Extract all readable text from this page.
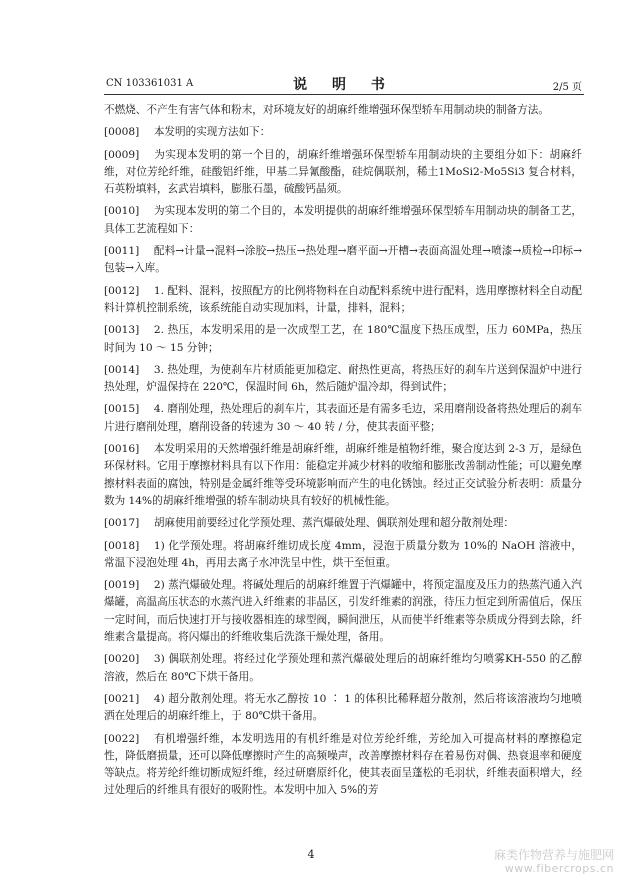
CN 103361031 A	说 明 书	2/5 页

不燃烧、不产生有害气体和粉末，对环境友好的胡麻纤维增强环保型轿车用制动块的制备方法。

[0008]  本发明的实现方法如下：

[0009]  为实现本发明的第一个目的，胡麻纤维增强环保型轿车用制动块的主要组分如下：胡麻纤维，对位芳纶纤维，硅酸铝纤维，甲基二异氰酸酯，硅烷偶联剂，稀土1MoSi2-Mo5Si3 复合材料，石英粉填料，玄武岩填料，膨胀石墨，硫酸钙晶须。

[0010]  为实现本发明的第二个目的，本发明提供的胡麻纤维增强环保型轿车用制动块的制备工艺，具体工艺流程如下：

[0011]  配料→计量→混料→涂胶→热压→热处理→磨平面→开槽→表面高温处理→喷漆→质检→印标→包装→入库。

[0012]  1. 配料、混料，按照配方的比例将物料在自动配料系统中进行配料，选用摩擦材料全自动配料计算机控制系统，该系统能自动实现加料，计量，排料，混料；

[0013]  2. 热压，本发明采用的是一次成型工艺，在 180℃温度下热压成型，压力 60MPa，热压时间为 10 ～ 15 分钟；

[0014]  3. 热处理，为使刹车片材质能更加稳定、耐热性更高，将热压好的刹车片送到保温炉中进行热处理，炉温保持在 220℃，保温时间 6h，然后随炉温冷却，得到试件；

[0015]  4. 磨削处理，热处理后的刹车片，其表面还是有需多毛边，采用磨削设备将热处理后的刹车片进行磨削处理，磨削设备的转速为 30 ～ 40 转 / 分，使其表面平整；

[0016]  本发明采用的天然增强纤维是胡麻纤维，胡麻纤维是植物纤维，聚合度达到 2-3 万，是绿色环保材料。它用于摩擦材料具有以下作用：能稳定并减少材料的收缩和膨胀改善制动性能；可以避免摩擦材料表面的腐蚀，特别是金属纤维等受环境影响而产生的电化锈蚀。经过正交试验分析表明：质量分数为 14%的胡麻纤维增强的轿车制动块具有较好的机械性能。

[0017]  胡麻使用前要经过化学预处理、蒸汽爆破处理、偶联剂处理和超分散剂处理：

[0018]  1) 化学预处理。将胡麻纤维切成长度 4mm，浸泡于质量分数为 10%的 NaOH 溶液中，常温下浸泡处理 4h，再用去离子水冲洗呈中性，烘干至恒重。

[0019]  2) 蒸汽爆破处理。将碱处理后的胡麻纤维置于汽爆罐中，将预定温度及压力的热蒸汽通入汽爆罐，高温高压状态的水蒸汽进入纤维素的非晶区，引发纤维素的润涨，待压力恒定到所需值后，保压一定时间，而后快速打开与接收器相连的球型阀，瞬间泄压，从而使半纤维素等杂质成分得到去除，纤维素含量提高。将闪爆出的纤维收集后洗涤干燥处理，备用。

[0020]  3) 偶联剂处理。将经过化学预处理和蒸汽爆破处理后的胡麻纤维均匀喷雾KH-550 的乙醇溶液，然后在 80℃下烘干备用。

[0021]  4) 超分散剂处理。将无水乙醇按 10 ∶ 1 的体积比稀释超分散剂，然后将该溶液均匀地喷洒在处理后的胡麻纤维上，于 80℃烘干备用。

[0022]  有机增强纤维，本发明选用的有机纤维是对位芳纶纤维，芳纶加入可提高材料的摩擦稳定性，降低磨损量，还可以降低摩擦时产生的高频噪声，改善摩擦材料存在着易伤对偶、热衰退率和硬度等缺点。将芳纶纤维切断成短纤维，经过研磨原纤化，使其表面呈蓬松的毛羽状，纤维表面积增大，经过处理后的纤维具有很好的吸附性。本发明中加入 5%的芳

4	麻类作物营养与施肥网
www.fibercrops.cn
